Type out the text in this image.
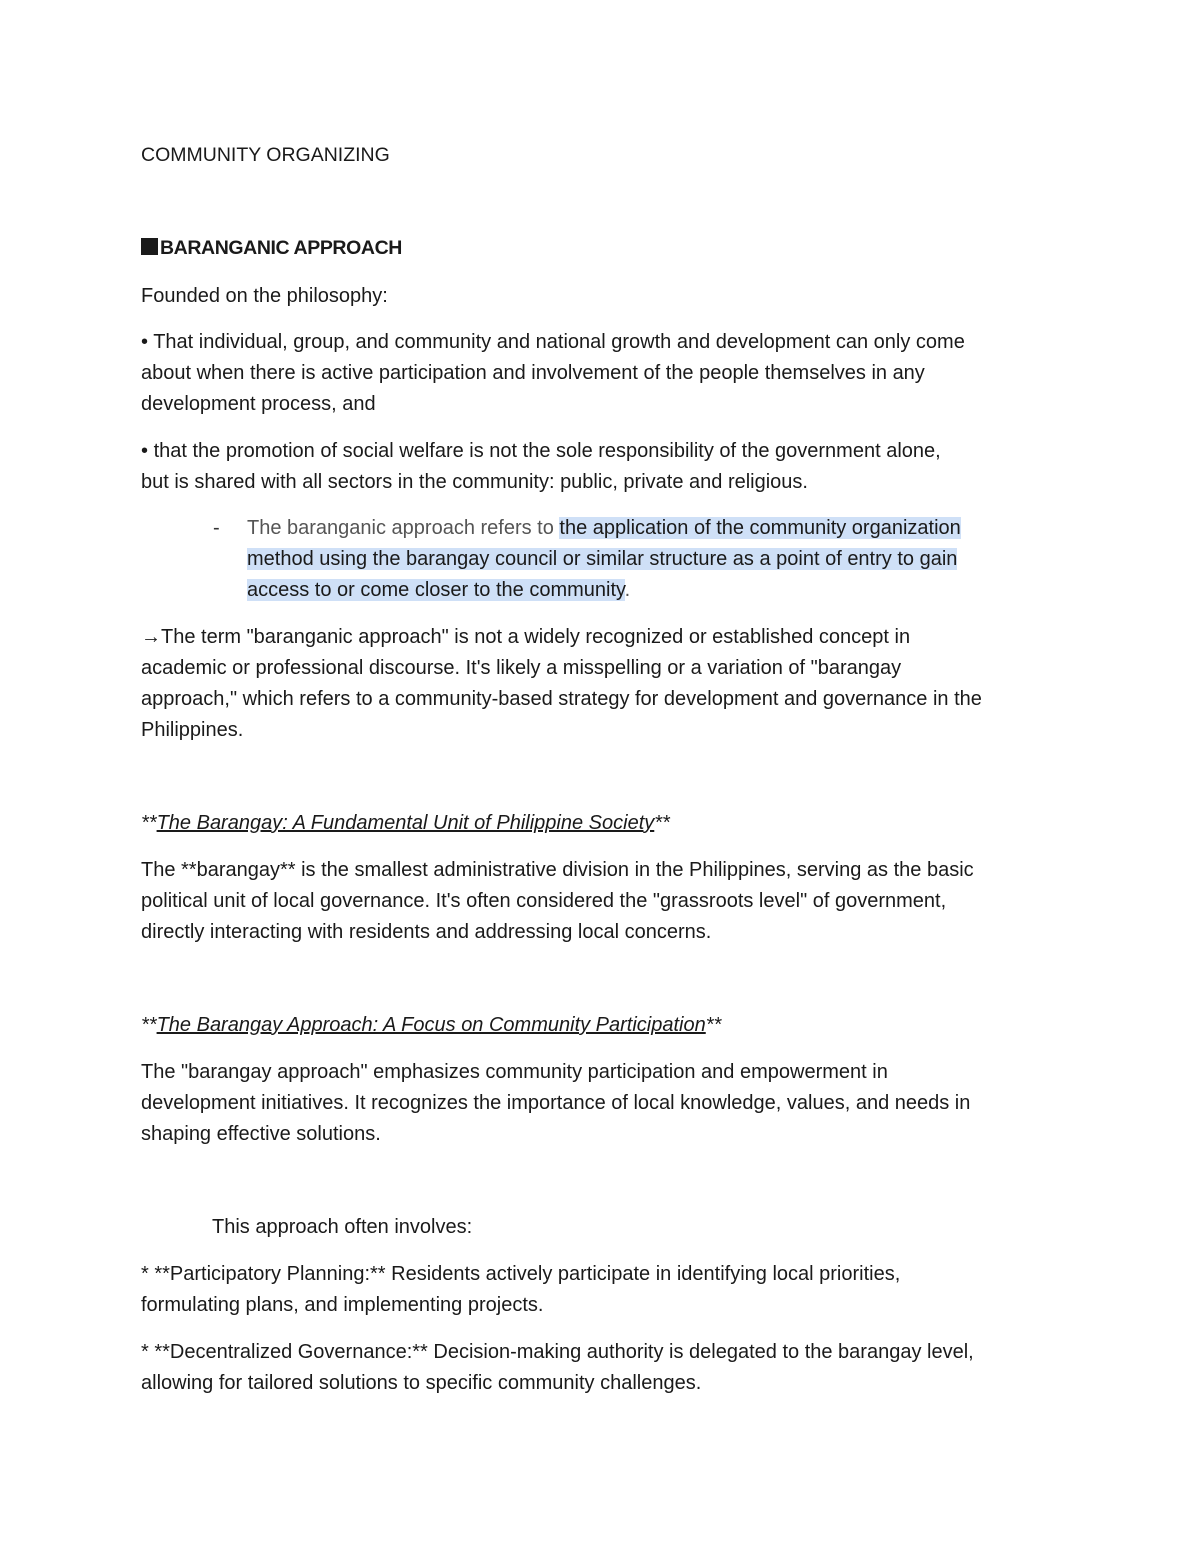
COMMUNITY ORGANIZING
BARANGANIC APPROACH
Founded on the philosophy:
• That individual, group, and community and national growth and development can only come
about when there is active participation and involvement of the people themselves in any
development process, and
• that the promotion of social welfare is not the sole responsibility of the government alone,
but is shared with all sectors in the community: public, private and religious.
- The baranganic approach refers to the application of the community organization
method using the barangay council or similar structure as a point of entry to gain
access to or come closer to the community.
→The term "baranganic approach" is not a widely recognized or established concept in
academic or professional discourse. It's likely a misspelling or a variation of "barangay
approach," which refers to a community-based strategy for development and governance in the
Philippines.
**The Barangay: A Fundamental Unit of Philippine Society**
The **barangay** is the smallest administrative division in the Philippines, serving as the basic
political unit of local governance. It's often considered the "grassroots level" of government,
directly interacting with residents and addressing local concerns.
**The Barangay Approach: A Focus on Community Participation**
The "barangay approach" emphasizes community participation and empowerment in
development initiatives. It recognizes the importance of local knowledge, values, and needs in
shaping effective solutions.
This approach often involves:
* **Participatory Planning:** Residents actively participate in identifying local priorities,
formulating plans, and implementing projects.
* **Decentralized Governance:** Decision-making authority is delegated to the barangay level,
allowing for tailored solutions to specific community challenges.
